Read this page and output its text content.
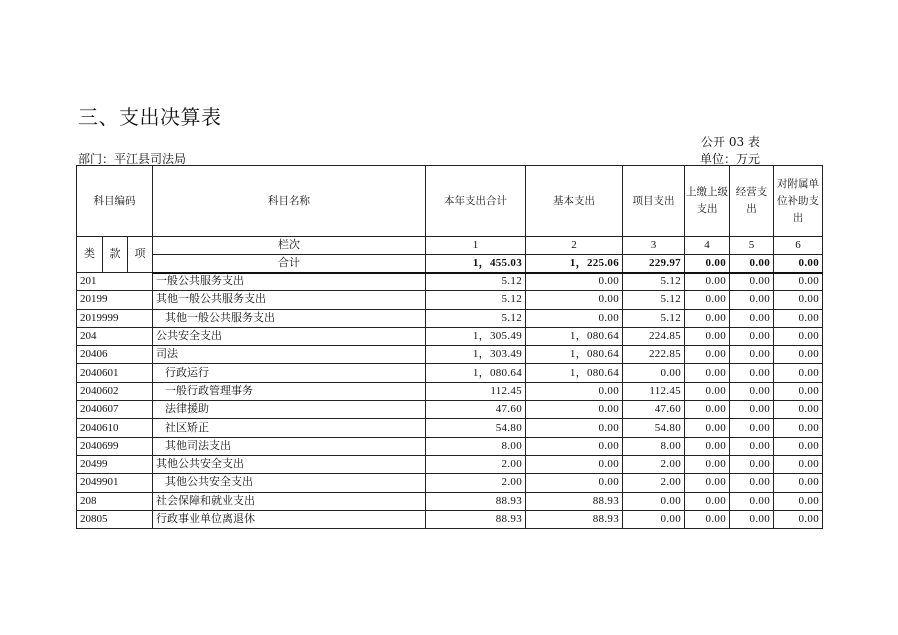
三、支出决算表
公开 03 表
部门：平江县司法局	单位：万元
科目编码			科目名称	本年支出合计	基本支出	项目支出	上缴上级支出	经营支出	对附属单位补助支出
类	款	项	栏次	1	2	3	4	5	6
			合计	1，455.03	1，225.06	229.97	0.00	0.00	0.00
201			一般公共服务支出	5.12	0.00	5.12	0.00	0.00	0.00
20199			其他一般公共服务支出	5.12	0.00	5.12	0.00	0.00	0.00
2019999			其他一般公共服务支出	5.12	0.00	5.12	0.00	0.00	0.00
204			公共安全支出	1，305.49	1，080.64	224.85	0.00	0.00	0.00
20406			司法	1，303.49	1，080.64	222.85	0.00	0.00	0.00
2040601			行政运行	1，080.64	1，080.64	0.00	0.00	0.00	0.00
2040602			一般行政管理事务	112.45	0.00	112.45	0.00	0.00	0.00
2040607			法律援助	47.60	0.00	47.60	0.00	0.00	0.00
2040610			社区矫正	54.80	0.00	54.80	0.00	0.00	0.00
2040699			其他司法支出	8.00	0.00	8.00	0.00	0.00	0.00
20499			其他公共安全支出	2.00	0.00	2.00	0.00	0.00	0.00
2049901			其他公共安全支出	2.00	0.00	2.00	0.00	0.00	0.00
208			社会保障和就业支出	88.93	88.93	0.00	0.00	0.00	0.00
20805			行政事业单位离退休	88.93	88.93	0.00	0.00	0.00	0.00
